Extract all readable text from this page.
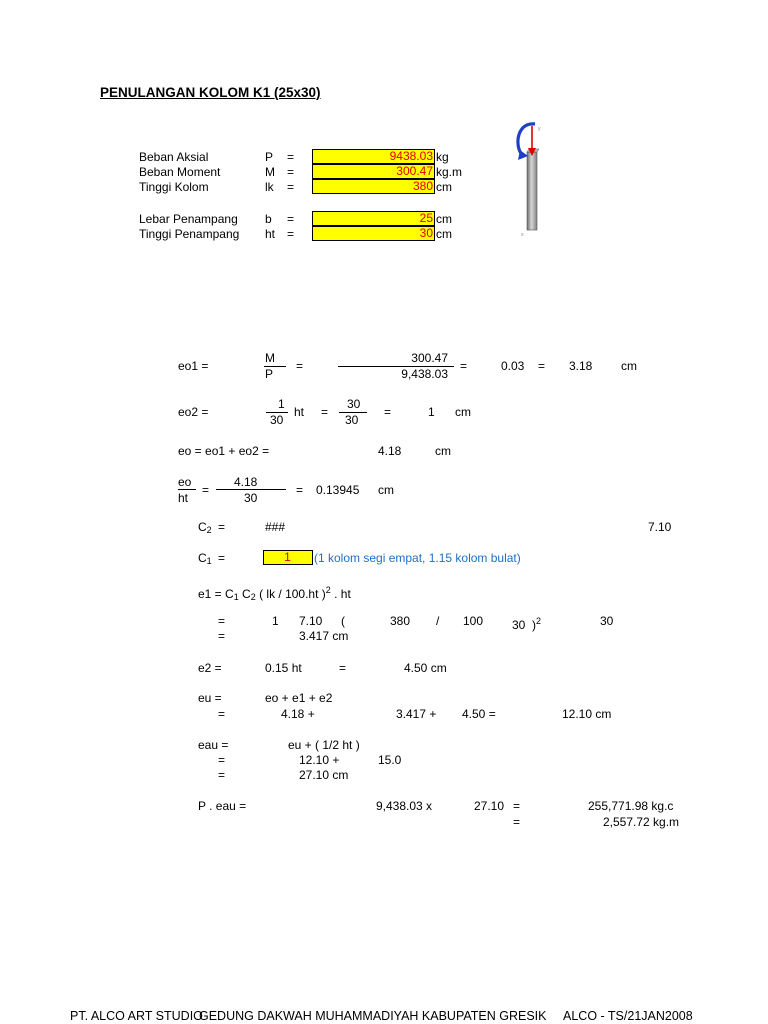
PENULANGAN KOLOM K1 (25x30)
Beban Aksial	P =	9438.03 kg
Beban Moment	M =	300.47 kg.m
Tinggi Kolom	lk =	380 cm
Lebar Penampang b =	25 cm
Tinggi Penampang ht =	30 cm
y
x
eo1 =
M
P
=
300.47
9,438.03
=	0.03 = 3.18 cm
eo2 =
1
30
ht =
30
30
=	1 cm
eo = eo1 + eo2 =	4.18	cm
eo
ht
=
4.18
30
= 0.13945 cm
$C_2$ =	###	7.10
$C_1$ =	1	(1 kolom segi empat, 1.15 kolom bulat)
$e1 = C_1$ $C_2$ ( lk / 100.ht )$^2$ . ht
=	1 7.10 (	380 / 100 30 )$^2$	30
=	3.417 cm
e2 =	0.15 ht	=	4.50 cm
eu =	eo + e1 + e2
=	4.18 +	3.417 + 4.50 =	12.10 cm
eau =	eu + ( 1/2 ht )
=	12.10 +	15.0
=	27.10 cm
P . eau =	9,438.03 x	27.10 =	255,771.98 kg.c
=	2,557.72 kg.m
PT. ALCO ART STUDIO
GEDUNG DAKWAH MUHAMMADIYAH KABUPATEN GRESIK ALCO - TS/21JAN2008
